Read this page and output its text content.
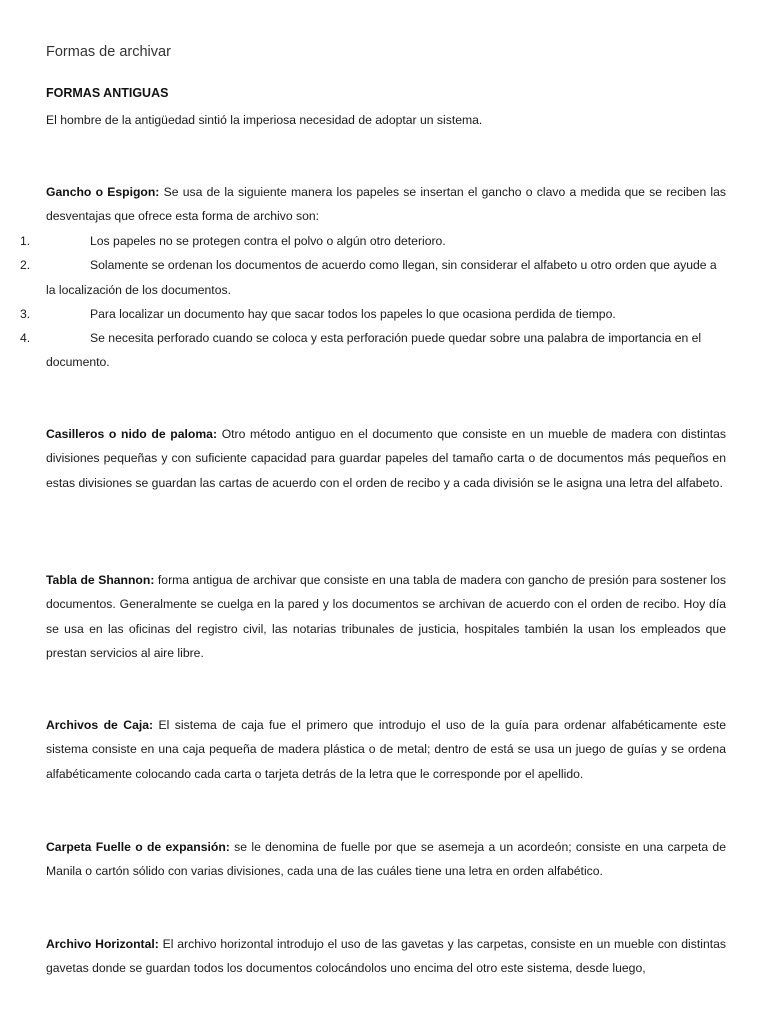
Formas de archivar
FORMAS ANTIGUAS

El hombre de la antigüedad sintió la imperiosa necesidad de adoptar un sistema.

Gancho o Espigon: Se usa de la siguiente manera los papeles se insertan el gancho o clavo a medida que se reciben las desventajas que ofrece esta forma de archivo son:

1.	Los papeles no se protegen contra el polvo o algún otro deterioro.
2.	Solamente se ordenan los documentos de acuerdo como llegan, sin considerar el alfabeto u otro orden que ayude a la localización de los documentos.
3.	Para localizar un documento hay que sacar todos los papeles lo que ocasiona perdida de tiempo.
4.	Se necesita perforado cuando se coloca y esta perforación puede quedar sobre una palabra de importancia en el documento.

Casilleros o nido de paloma: Otro método antiguo en el documento que consiste en un mueble de madera con distintas divisiones pequeñas y con suficiente capacidad para guardar papeles del tamaño carta o de documentos más pequeños en estas divisiones se guardan las cartas de acuerdo con el orden de recibo y a cada división se le asigna una letra del alfabeto.

Tabla de Shannon: forma antigua de archivar que consiste en una tabla de madera con gancho de presión para sostener los documentos. Generalmente se cuelga en la pared y los documentos se archivan de acuerdo con el orden de recibo. Hoy día se usa en las oficinas del registro civil, las notarias tribunales de justicia, hospitales también la usan los empleados que prestan servicios al aire libre.

Archivos de Caja: El sistema de caja fue el primero que introdujo el uso de la guía para ordenar alfabéticamente este sistema consiste en una caja pequeña de madera plástica o de metal; dentro de está se usa un juego de guías y se ordena alfabéticamente colocando cada carta o tarjeta detrás de la letra que le corresponde por el apellido.

Carpeta Fuelle o de expansión: se le denomina de fuelle por que se asemeja a un acordeón; consiste en una carpeta de Manila o cartón sólido con varias divisiones, cada una de las cuáles tiene una letra en orden alfabético.

Archivo Horizontal: El archivo horizontal introdujo el uso de las gavetas y las carpetas, consiste en un mueble con distintas gavetas donde se guardan todos los documentos colocándolos uno encima del otro este sistema, desde luego,
